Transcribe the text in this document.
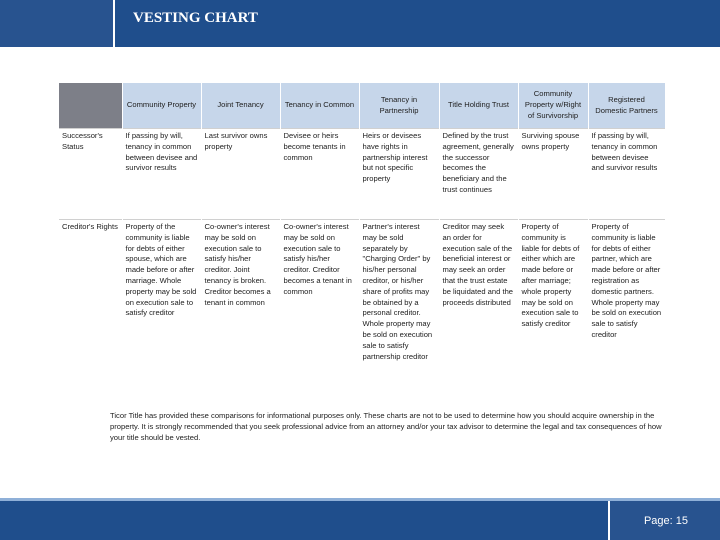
VESTING CHART
	Community Property	Joint Tenancy	Tenancy in Common	Tenancy in Partnership	Title Holding Trust	Community Property w/Right of Survivorship	Registered Domestic Partners
Successor's Status	If passing by will, tenancy in common between devisee and survivor results	Last survivor owns property	Devisee or heirs become tenants in common	Heirs or devisees have rights in partnership interest but not specific property	Defined by the trust agreement, generally the successor becomes the beneficiary and the trust continues	Surviving spouse owns property	If passing by will, tenancy in common between devisee and survivor results
Creditor's Rights	Property of the community is liable for debts of either spouse, which are made before or after marriage. Whole property may be sold on execution sale to satisfy creditor	Co-owner's interest may be sold on execution sale to satisfy his/her creditor. Joint tenancy is broken. Creditor becomes a tenant in common	Co-owner's interest may be sold on execution sale to satisfy his/her creditor. Creditor becomes a tenant in common	Partner's interest may be sold separately by "Charging Order" by his/her personal creditor, or his/her share of profits may be obtained by a personal creditor. Whole property may be sold on execution sale to satisfy partnership creditor	Creditor may seek an order for execution sale of the beneficial interest or may seek an order that the trust estate be liquidated and the proceeds distributed	Property of community is liable for debts of either which are made before or after marriage; whole property may be sold on execution sale to satisfy creditor	Property of community is liable for debts of either partner, which are made before or after registration as domestic partners. Whole property may be sold on execution sale to satisfy creditor

Ticor Title has provided these comparisons for informational purposes only. These charts are not to be used to determine how you should acquire ownership in the property. It is strongly recommended that you seek professional advice from an attorney and/or your tax advisor to determine the legal and tax consequences of how your title should be vested.

Page: 15
